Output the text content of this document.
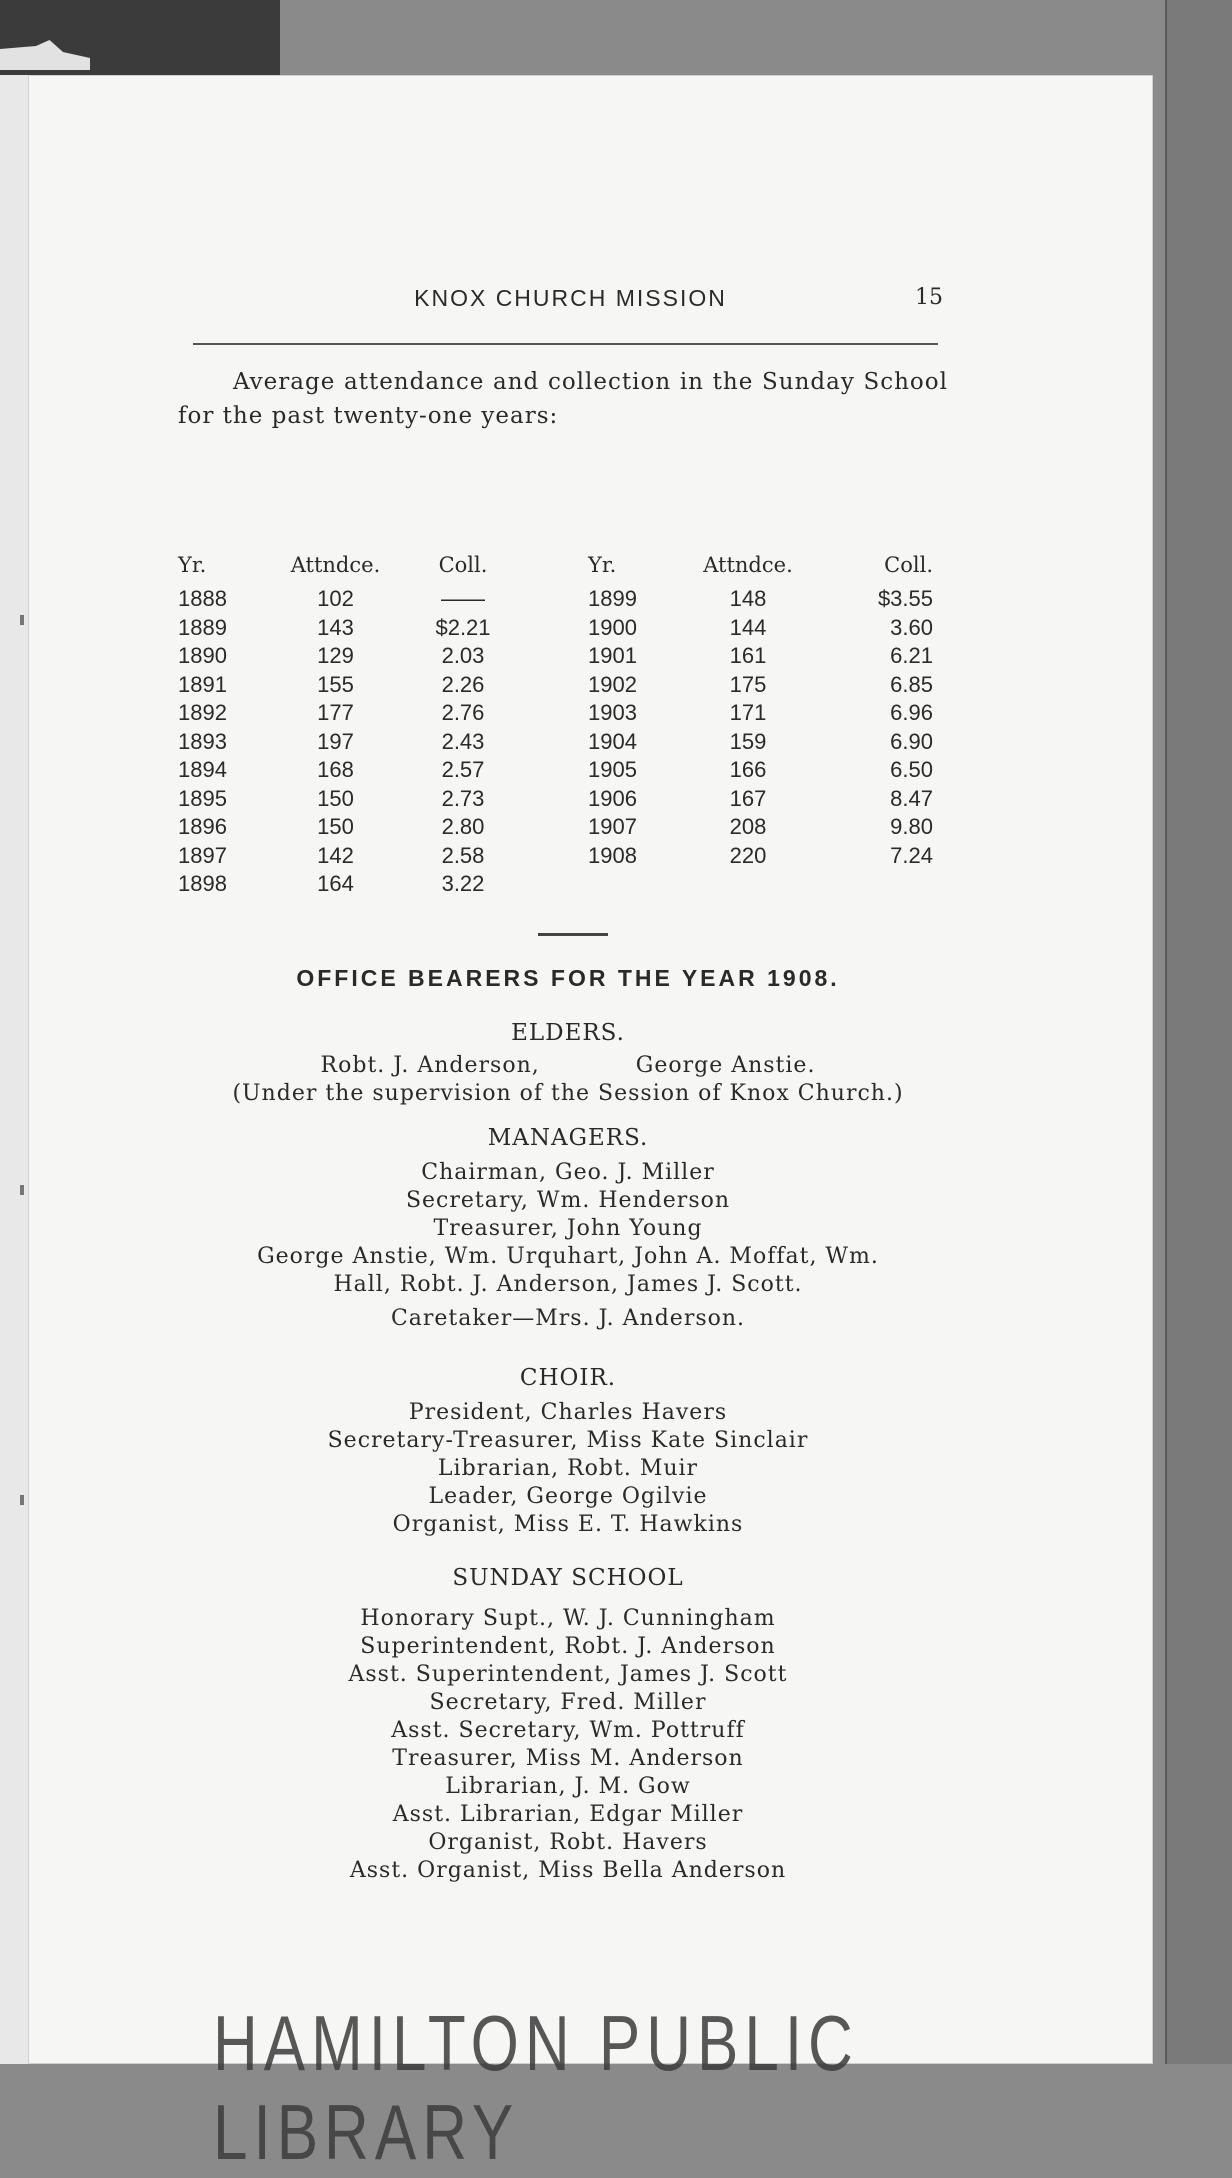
KNOX CHURCH MISSION	15
Average attendance and collection in the Sunday School for the past twenty-one years:
Yr.	Attndce.	Coll.
1888	102	——
1889	143	$2.21
1890	129	2.03
1891	155	2.26
1892	177	2.76
1893	197	2.43
1894	168	2.57
1895	150	2.73
1896	150	2.80
1897	142	2.58
1898	164	3.22
Yr.	Attndce.	Coll.
1899	148	$3.55
1900	144	3.60
1901	161	6.21
1902	175	6.85
1903	171	6.96
1904	159	6.90
1905	166	6.50
1906	167	8.47
1907	208	9.80
1908	220	7.24
OFFICE BEARERS FOR THE YEAR 1908.
ELDERS.
Robt. J. Anderson,	George Anstie.
(Under the supervision of the Session of Knox Church.)
MANAGERS.
Chairman, Geo. J. Miller
Secretary, Wm. Henderson
Treasurer, John Young
George Anstie, Wm. Urquhart, John A. Moffat, Wm.
Hall, Robt. J. Anderson, James J. Scott.
Caretaker—Mrs. J. Anderson.
CHOIR.
President, Charles Havers
Secretary-Treasurer, Miss Kate Sinclair
Librarian, Robt. Muir
Leader, George Ogilvie
Organist, Miss E. T. Hawkins
SUNDAY SCHOOL
Honorary Supt., W. J. Cunningham
Superintendent, Robt. J. Anderson
Asst. Superintendent, James J. Scott
Secretary, Fred. Miller
Asst. Secretary, Wm. Pottruff
Treasurer, Miss M. Anderson
Librarian, J. M. Gow
Asst. Librarian, Edgar Miller
Organist, Robt. Havers
Asst. Organist, Miss Bella Anderson
HAMILTON PUBLIC LIBRARY
